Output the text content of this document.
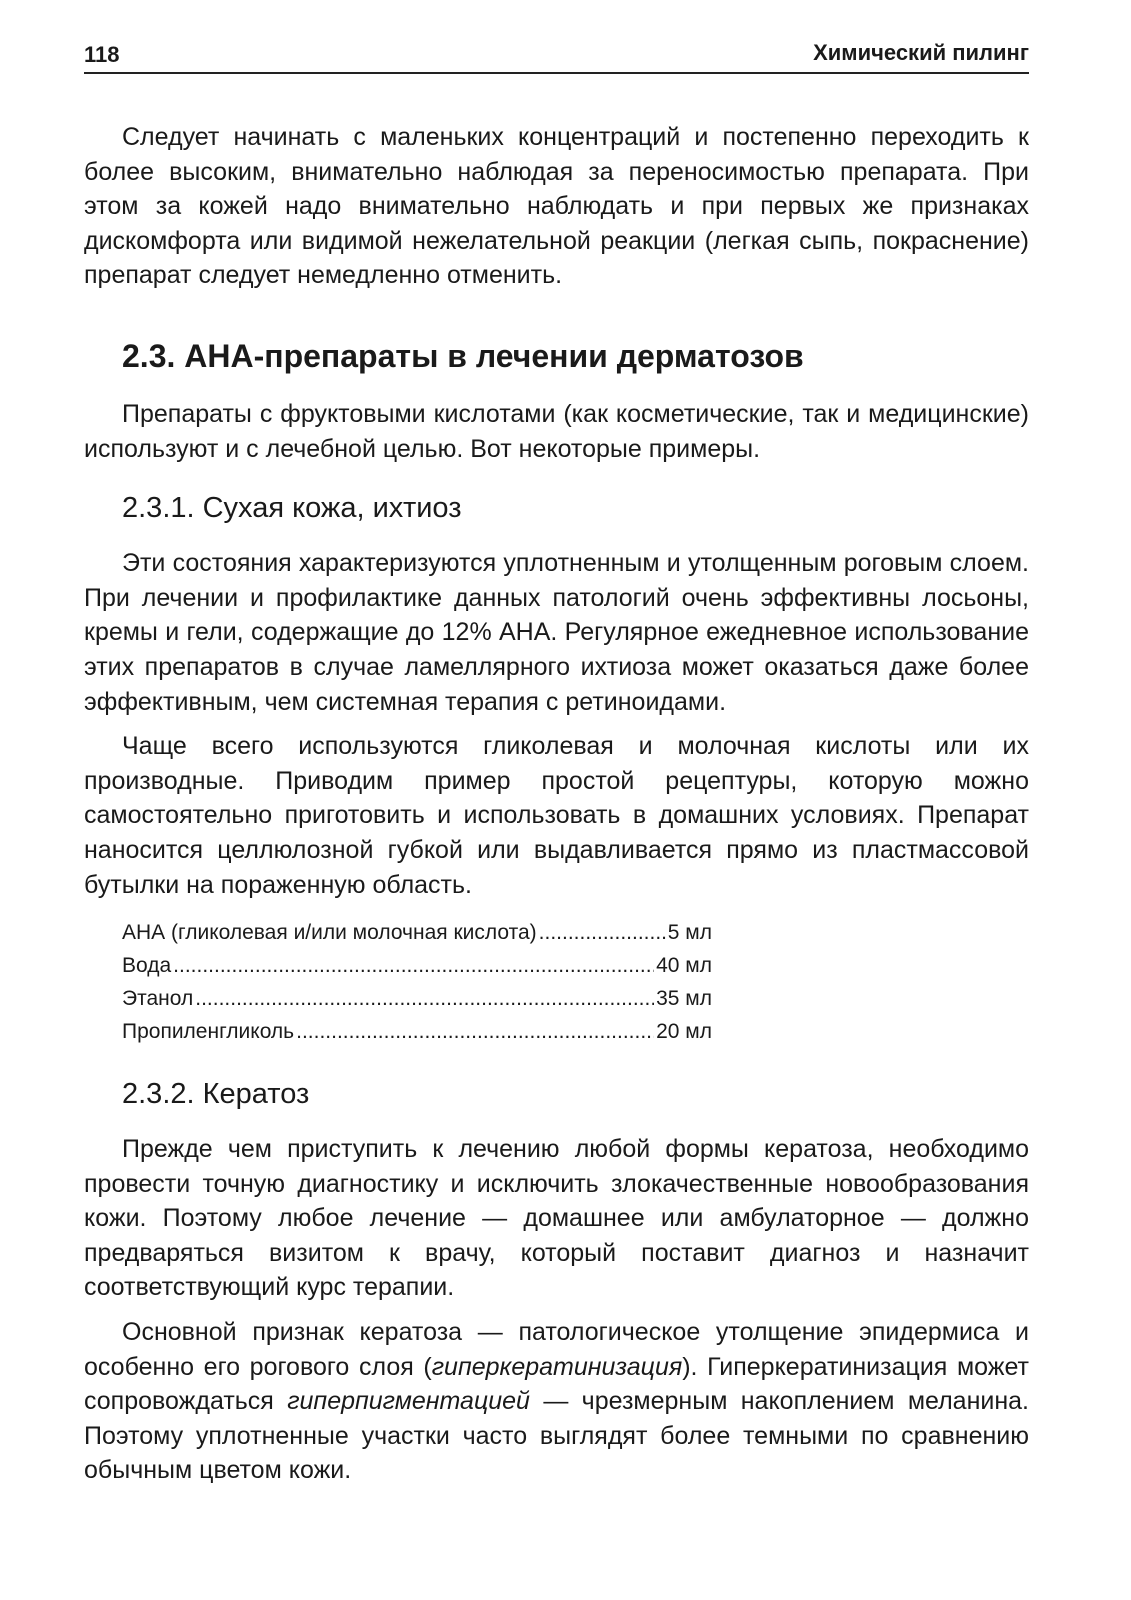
118	Химический пилинг

Следует начинать с маленьких концентраций и постепенно переходить к более высоким, внимательно наблюдая за переносимостью препарата. При этом за кожей надо внимательно наблюдать и при первых же признаках дискомфорта или видимой нежелательной реакции (легкая сыпь, покраснение) препарат следует немедленно отменить.

2.3. АНА-препараты в лечении дерматозов

Препараты с фруктовыми кислотами (как косметические, так и медицинские) используют и с лечебной целью. Вот некоторые примеры.

2.3.1. Сухая кожа, ихтиоз

Эти состояния характеризуются уплотненным и утолщенным роговым слоем. При лечении и профилактике данных патологий очень эффективны лосьоны, кремы и гели, содержащие до 12% АНА. Регулярное ежедневное использование этих препаратов в случае ламеллярного ихтиоза может оказаться даже более эффективным, чем системная терапия с ретиноидами.

Чаще всего используются гликолевая и молочная кислоты или их производные. Приводим пример простой рецептуры, которую можно самостоятельно приготовить и использовать в домашних условиях. Препарат наносится целлюлозной губкой или выдавливается прямо из пластмассовой бутылки на пораженную область.

АНА (гликолевая и/или молочная кислота) .....	5 мл
Вода .....	40 мл
Этанол .....	35 мл
Пропиленгликоль .....	20 мл
2.3.2. Кератоз

Прежде чем приступить к лечению любой формы кератоза, необходимо провести точную диагностику и исключить злокачественные новообразования кожи. Поэтому любое лечение — домашнее или амбулаторное — должно предваряться визитом к врачу, который поставит диагноз и назначит соответствующий курс терапии.

Основной признак кератоза — патологическое утолщение эпидермиса и особенно его рогового слоя (гиперкератинизация). Гиперкератинизация может сопровождаться гиперпигментацией — чрезмерным накоплением меланина. Поэтому уплотненные участки часто выглядят более темными по сравнению обычным цветом кожи.
